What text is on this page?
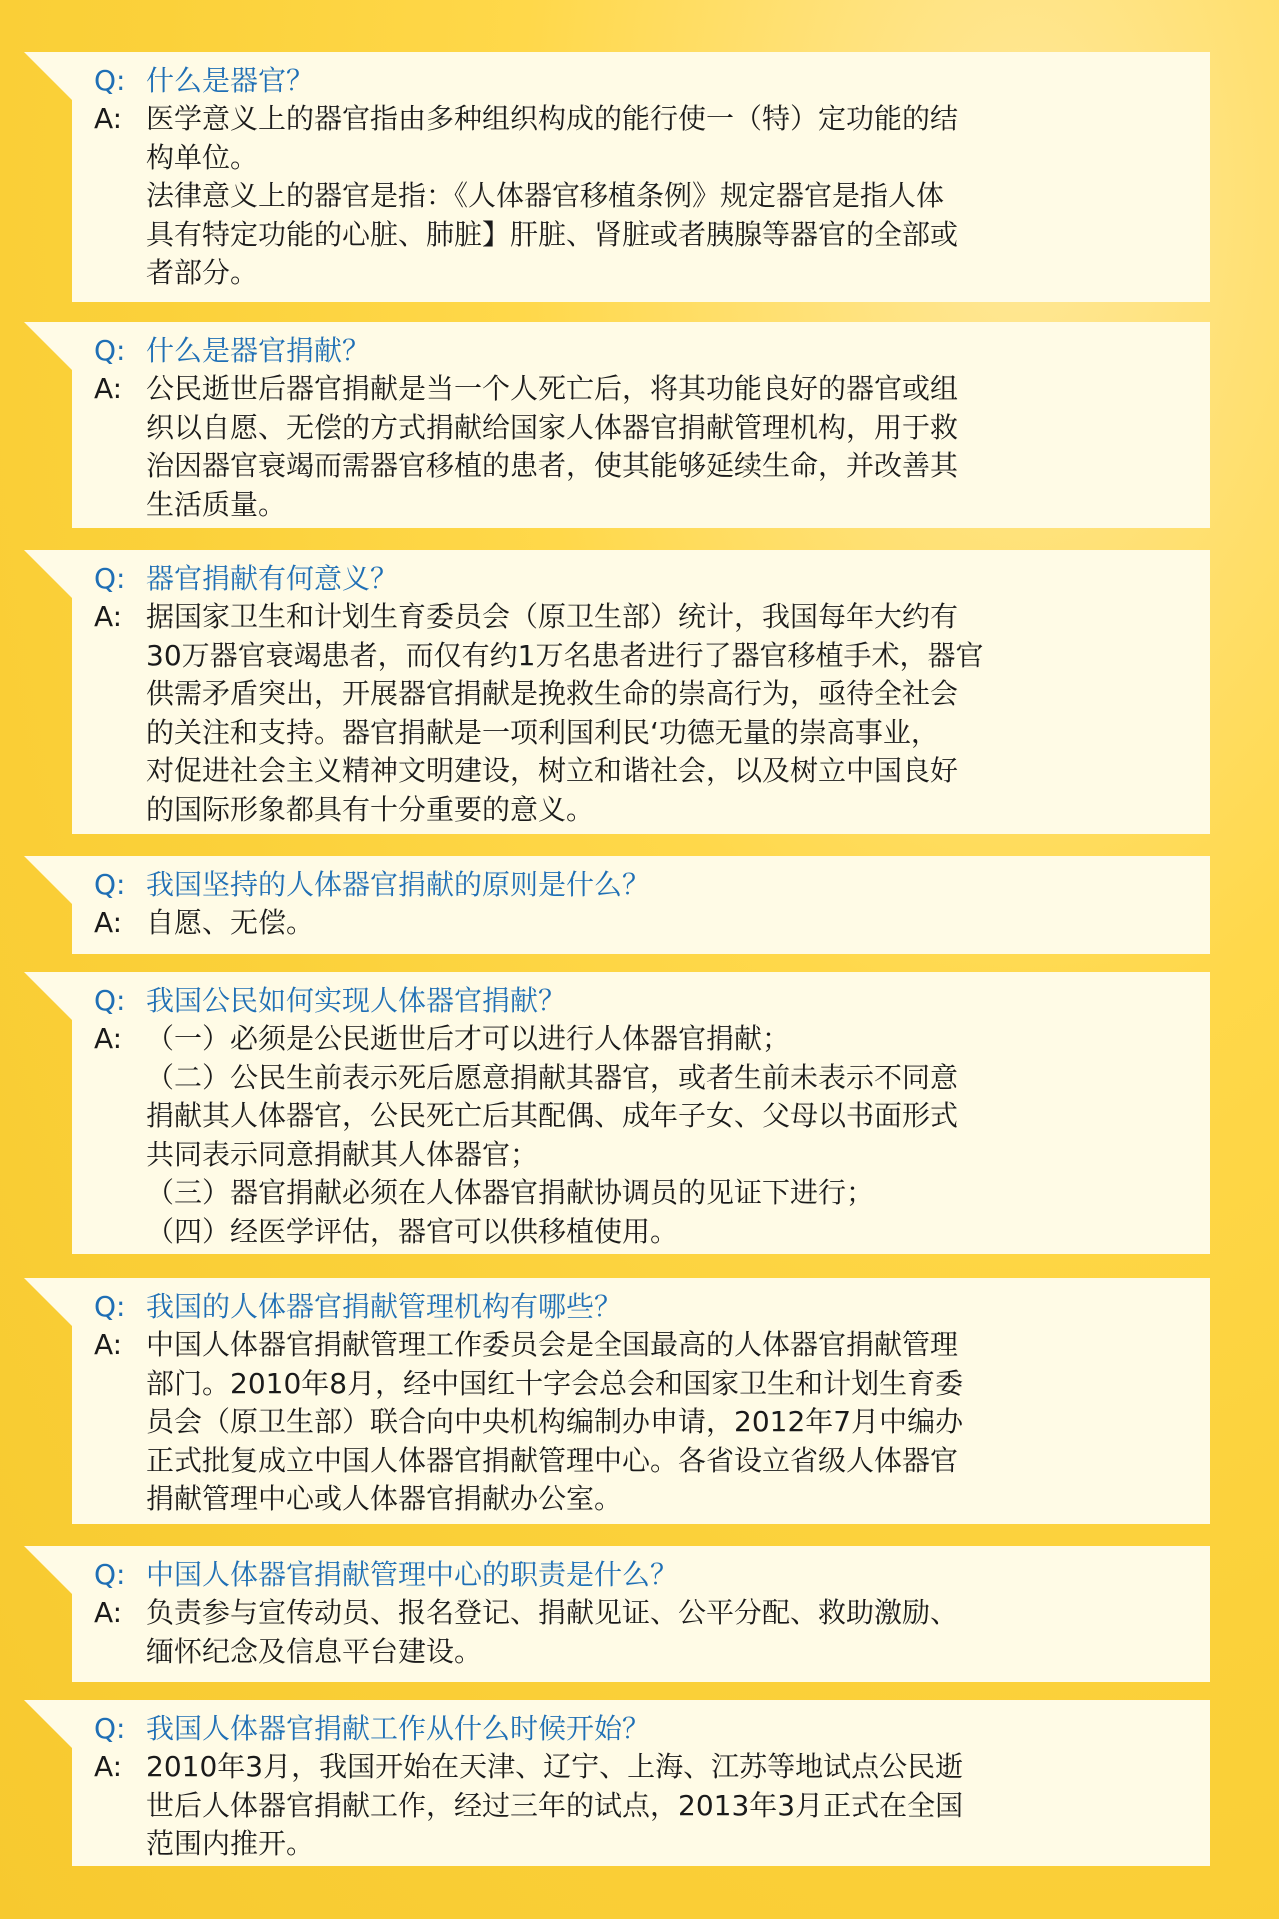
Q: 什么是器官？
A: 医学意义上的器官指由多种组织构成的能行使一（特）定功能的结
构单位。
法律意义上的器官是指：《人体器官移植条例》规定器官是指人体
具有特定功能的心脏、肺脏】肝脏、肾脏或者胰腺等器官的全部或
者部分。
Q: 什么是器官捐献？
A: 公民逝世后器官捐献是当一个人死亡后，将其功能良好的器官或组
织以自愿、无偿的方式捐献给国家人体器官捐献管理机构，用于救
治因器官衰竭而需器官移植的患者，使其能够延续生命，并改善其
生活质量。
Q: 器官捐献有何意义？
A: 据国家卫生和计划生育委员会（原卫生部）统计，我国每年大约有
30万器官衰竭患者，而仅有约1万名患者进行了器官移植手术，器官
供需矛盾突出，开展器官捐献是挽救生命的崇高行为，亟待全社会
的关注和支持。器官捐献是一项利国利民‘功德无量的崇高事业，
对促进社会主义精神文明建设，树立和谐社会，以及树立中国良好
的国际形象都具有十分重要的意义。
Q: 我国坚持的人体器官捐献的原则是什么？
A: 自愿、无偿。
Q: 我国公民如何实现人体器官捐献？
A: （一）必须是公民逝世后才可以进行人体器官捐献；
（二）公民生前表示死后愿意捐献其器官，或者生前未表示不同意
捐献其人体器官，公民死亡后其配偶、成年子女、父母以书面形式
共同表示同意捐献其人体器官；
（三）器官捐献必须在人体器官捐献协调员的见证下进行；
（四）经医学评估，器官可以供移植使用。
Q: 我国的人体器官捐献管理机构有哪些？
A: 中国人体器官捐献管理工作委员会是全国最高的人体器官捐献管理
部门。2010年8月，经中国红十字会总会和国家卫生和计划生育委
员会（原卫生部）联合向中央机构编制办申请，2012年7月中编办
正式批复成立中国人体器官捐献管理中心。各省设立省级人体器官
捐献管理中心或人体器官捐献办公室。
Q: 中国人体器官捐献管理中心的职责是什么？
A: 负责参与宣传动员、报名登记、捐献见证、公平分配、救助激励、
缅怀纪念及信息平台建设。
Q: 我国人体器官捐献工作从什么时候开始？
A: 2010年3月，我国开始在天津、辽宁、上海、江苏等地试点公民逝
世后人体器官捐献工作，经过三年的试点，2013年3月正式在全国
范围内推开。
